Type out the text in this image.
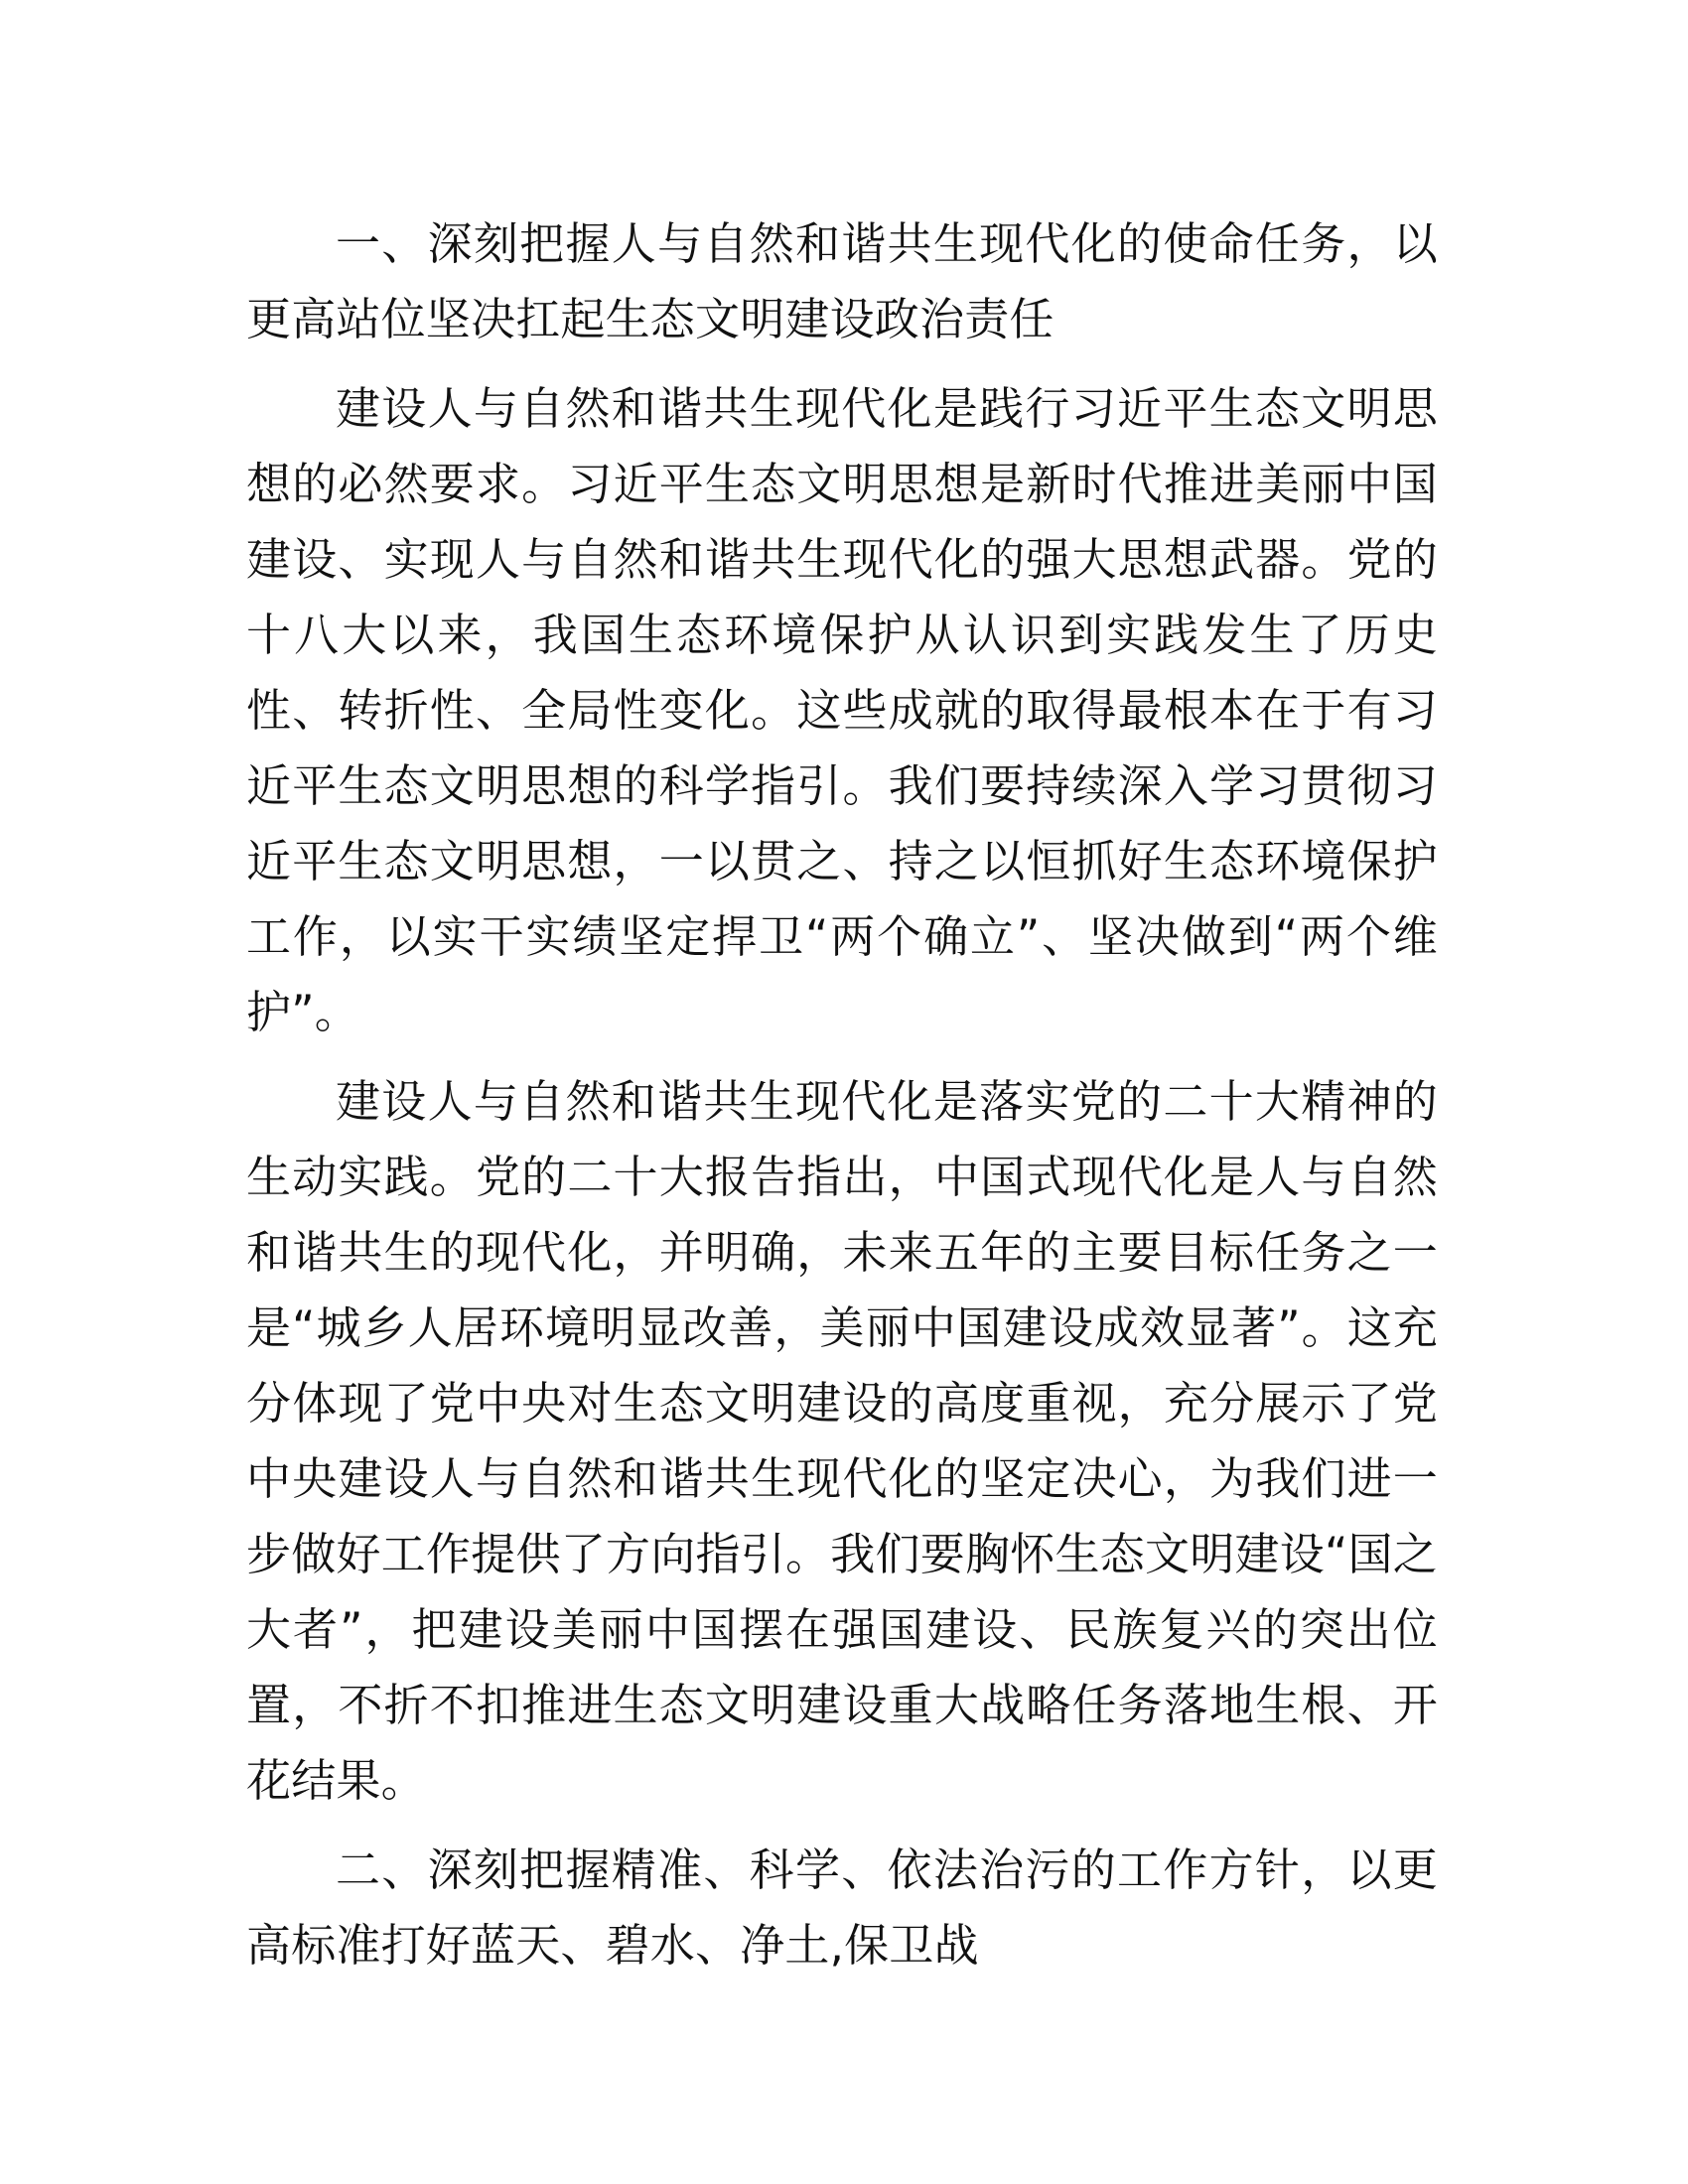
一、深刻把握人与自然和谐共生现代化的使命任务，以更高站位坚决扛起生态文明建设政治责任

建设人与自然和谐共生现代化是践行习近平生态文明思想的必然要求。习近平生态文明思想是新时代推进美丽中国建设、实现人与自然和谐共生现代化的强大思想武器。党的十八大以来，我国生态环境保护从认识到实践发生了历史性、转折性、全局性变化。这些成就的取得最根本在于有习近平生态文明思想的科学指引。我们要持续深入学习贯彻习近平生态文明思想，一以贯之、持之以恒抓好生态环境保护工作，以实干实绩坚定捍卫“两个确立”、坚决做到“两个维护”。

建设人与自然和谐共生现代化是落实党的二十大精神的生动实践。党的二十大报告指出，中国式现代化是人与自然和谐共生的现代化，并明确，未来五年的主要目标任务之一是“城乡人居环境明显改善，美丽中国建设成效显著”。这充分体现了党中央对生态文明建设的高度重视，充分展示了党中央建设人与自然和谐共生现代化的坚定决心，为我们进一步做好工作提供了方向指引。我们要胸怀生态文明建设“国之大者”，把建设美丽中国摆在强国建设、民族复兴的突出位置，不折不扣推进生态文明建设重大战略任务落地生根、开花结果。

二、深刻把握精准、科学、依法治污的工作方针，以更高标准打好蓝天、碧水、净土,保卫战
